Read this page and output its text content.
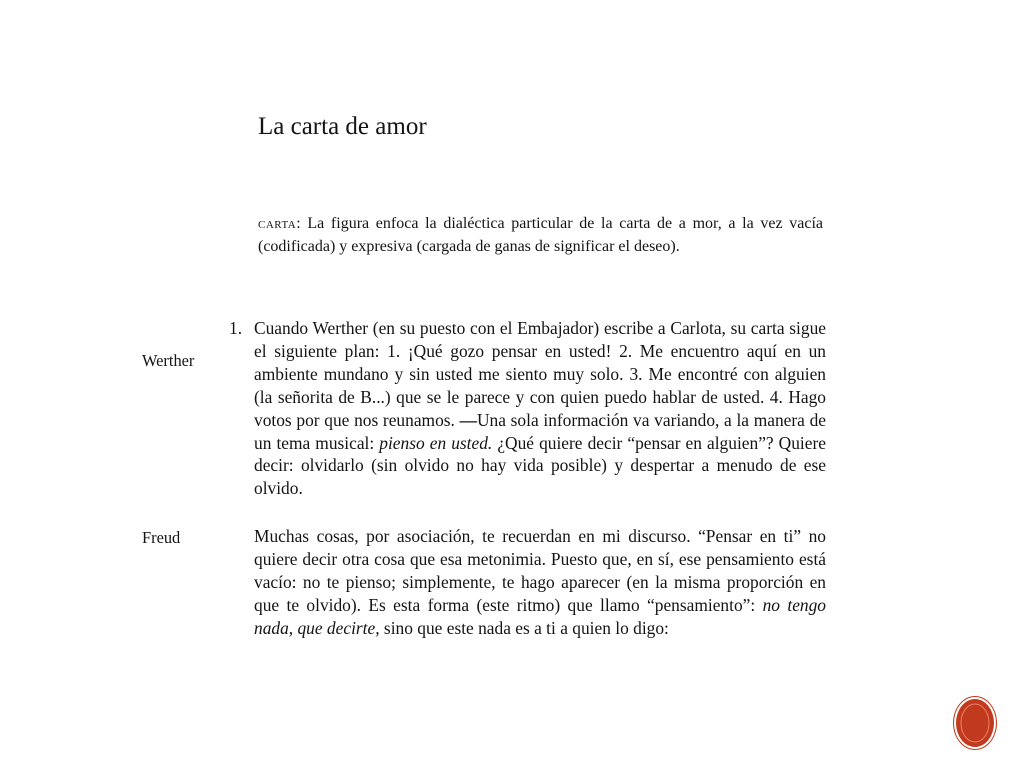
La carta de amor
carta: La figura enfoca la dialéctica particular de la carta de a mor, a la vez vacía (codificada) y expresiva (cargada de ganas de significar el deseo).
1.
Werther
Freud
Cuando Werther (en su puesto con el Embajador) escribe a Carlota, su carta sigue el siguiente plan: 1. ¡Qué gozo pensar en usted! 2. Me encuentro aquí en un ambiente mundano y sin usted me siento muy solo. 3. Me encontré con alguien (la señorita de B...) que se le parece y con quien puedo hablar de usted. 4. Hago votos por que nos reunamos. —Una sola información va variando, a la manera de un tema musical: pienso en usted. ¿Qué quiere decir “pensar en alguien”? Quiere decir: olvidarlo (sin olvido no hay vida posible) y despertar a menudo de ese olvido.
Muchas cosas, por asociación, te recuerdan en mi discurso. “Pensar en ti” no quiere decir otra cosa que esa metonimia. Puesto que, en sí, ese pensamiento está vacío: no te pienso; simplemente, te hago aparecer (en la misma proporción en que te olvido). Es esta forma (este ritmo) que llamo “pensamiento”: no tengo nada, que decirte, sino que este nada es a ti a quien lo digo:
